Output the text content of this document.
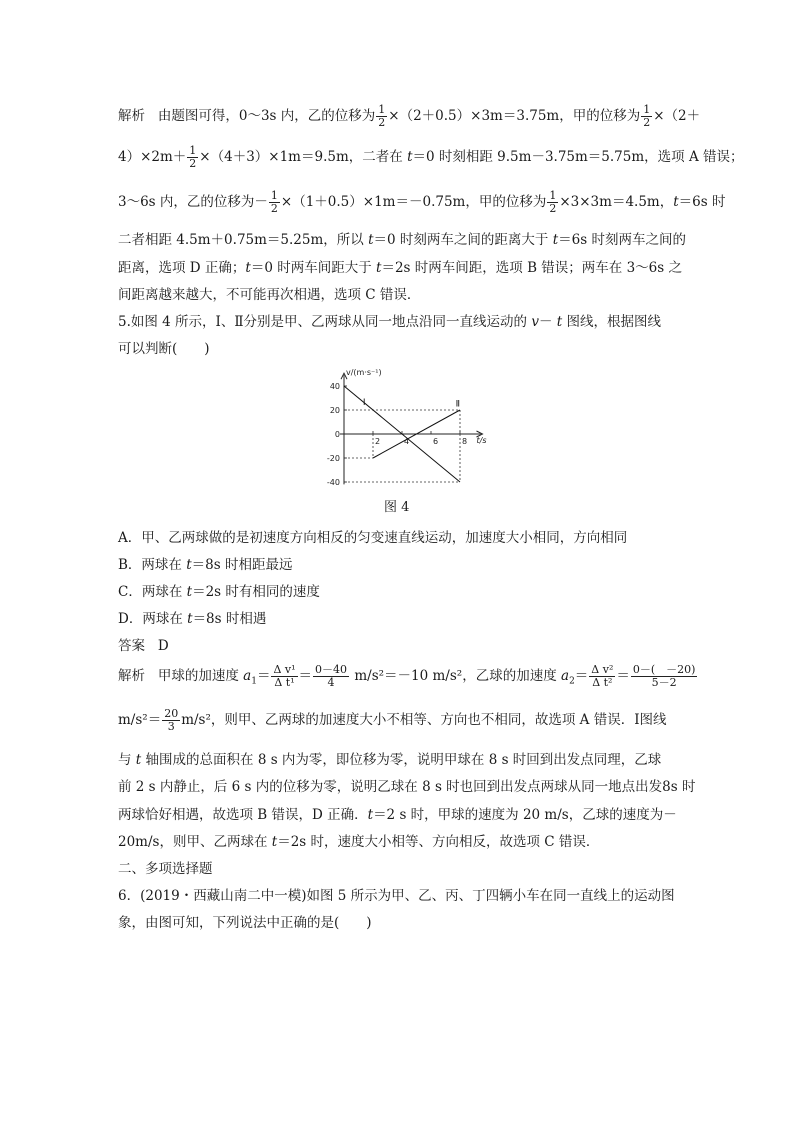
解析 由题图可得，0～3s 内，乙的位移为 $\frac{1}{2} \times(2+0.5)\times 3m=3.75m$，甲的位移为 $\frac{1}{2} \times(2+$
$4)\times 2m+ \frac{1}{2} \times(4+3)\times 1m=9.5m$，二者在 t＝0 时刻相距 9.5m－3.75m＝5.75m，选项 A 错误；
3～6s 内，乙的位移为－ $\frac{1}{2} \times(1+0.5)\times 1m=-0.75m$，甲的位移为 $\frac{1}{2} \times 3\times 3m=4.5m$，t＝6s 时
二者相距 4.5m＋0.75m＝5.25m，所以 t＝0 时刻两车之间的距离大于 t＝6s 时刻两车之间的
距离，选项 D 正确；t＝0 时两车间距大于 t＝2s 时两车间距，选项 B 错误；两车在 3～6s 之
间距离越来越大，不可能再次相遇，选项 C 错误．
5.如图 4 所示，Ⅰ、Ⅱ分别是甲、乙两球从同一地点沿同一直线运动的 v－ t 图线，根据图线
可以判断(　　)
v/(m·s⁻¹)
t/s
40
20
0
-20
-40
2	4	6	8
Ⅰ	Ⅱ
图 4
A．甲、乙两球做的是初速度方向相反的匀变速直线运动，加速度大小相同，方向相同
B．两球在 t＝8s 时相距最远
C．两球在 t＝2s 时有相同的速度
D．两球在 t＝8s 时相遇
答案 D
解析 甲球的加速度 $a_1= \frac{\text{Δ v¹}}{\text{Δ t¹}} = \frac{0-40}{4} m/s^2=-10$ m/s²，乙球的加速度 $a_2= \frac{\text{Δ v²}}{\text{Δ t²}} = \frac{0-( -20)}{5-2}$
$m/s^2= \frac{20}{3} m/s^2$，则甲、乙两球的加速度大小不相等、方向也不相同，故选项 A 错误．Ⅰ图线
与 t 轴围成的总面积在 8 s 内为零，即位移为零，说明甲球在 8 s 时回到出发点同理，乙球
前 2 s 内静止，后 6 s 内的位移为零，说明乙球在 8 s 时也回到出发点两球从同一地点出发8s 时
两球恰好相遇，故选项 B 错误，D 正确．t＝2 s 时，甲球的速度为 20 m/s，乙球的速度为－
20m/s，则甲、乙两球在 t＝2s 时，速度大小相等、方向相反，故选项 C 错误．
二、多项选择题
6．(2019・西藏山南二中一模)如图 5 所示为甲、乙、丙、丁四辆小车在同一直线上的运动图
象，由图可知，下列说法中正确的是(　　)
